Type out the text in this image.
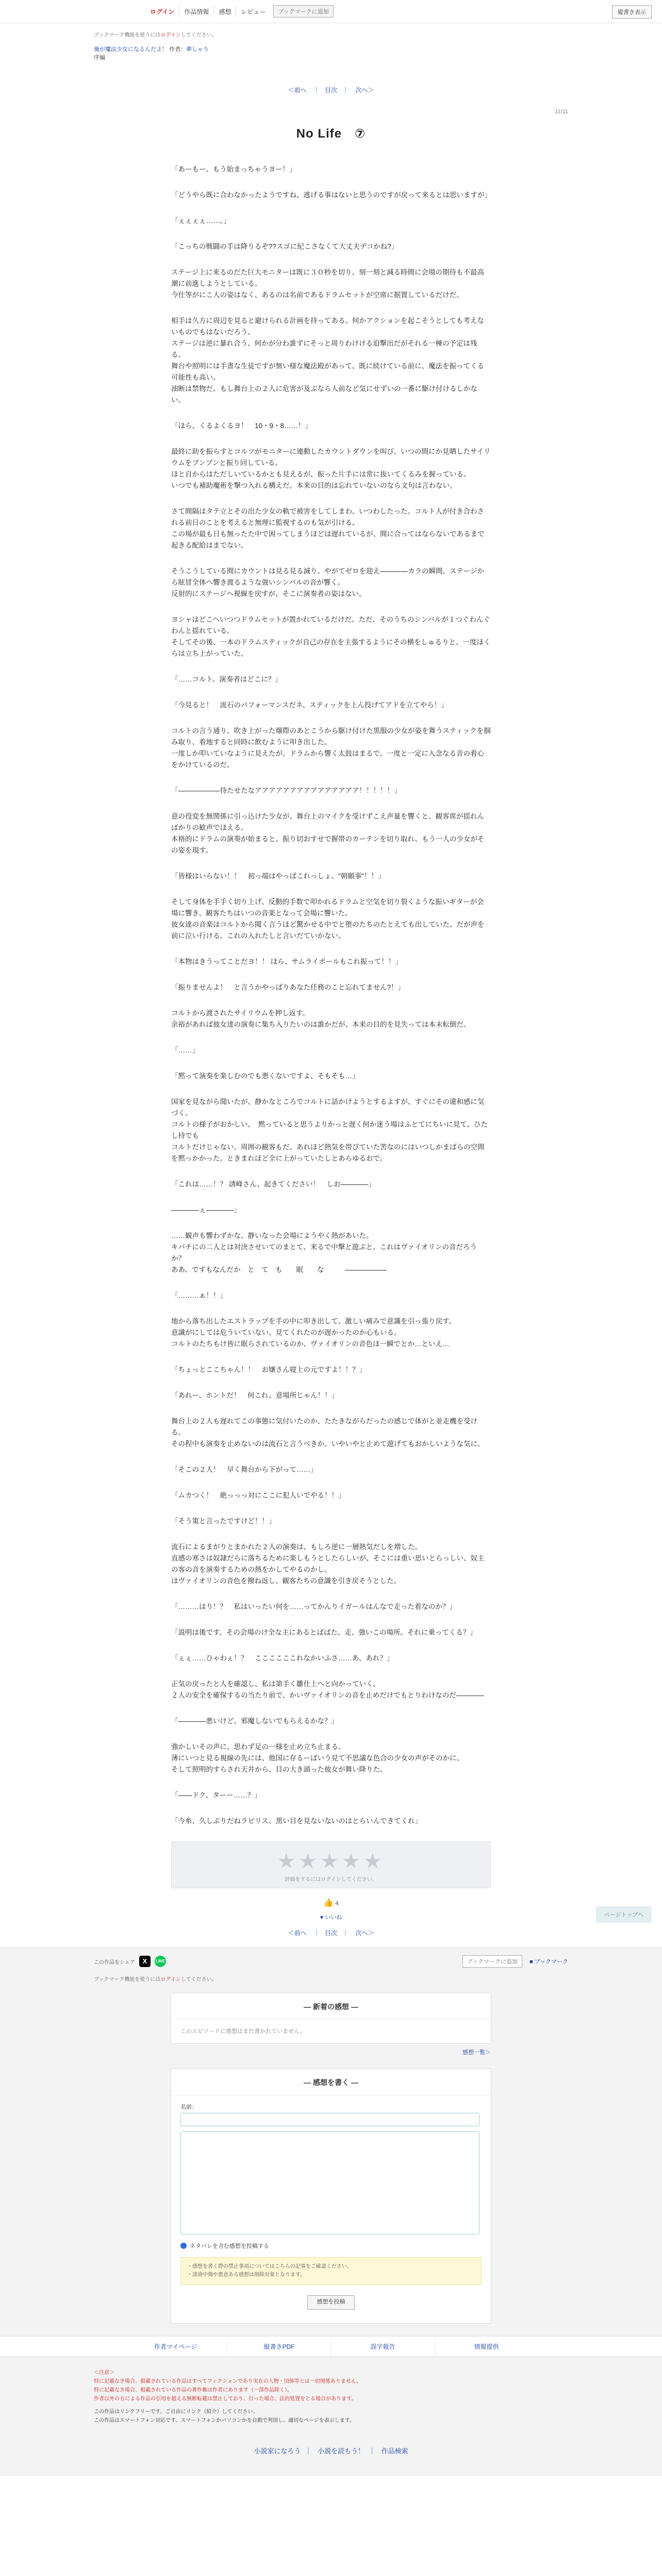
ログイン	作品情報	感想	レビュー	ブックマークに追加	縦書き表示
ブックマーク機能を使うにはログインしてください。
俺が魔法少女になるんだよ！ 作者：夢しゃり
序編
＜前へ ｜ 目次 ｜ 次へ＞
11/11
No Life　⑦

「あーもー。もう始まっちゃうヨー！」

「どうやら既に合わなかったようですね、逃げる事はないと思うのですが戻って来るとは思いますが」

「ぇぇぇぇ……。」

「こっちの戦闘の手は降りるぞ??スゴに紀こさなくて大丈夫デコかね?」

ステージ上に来るのだた巨大モニターは既に３０秒を切り、刻一刻と減る時間に会場の期待も不最高潮に前進しようとしている。
今仕等がにこ人の姿はなく、あるのは名前であるドラムセットが空席に据置しているだけだ。

相手は久方に周辺を見ると避けられる計画を持ってある。何かアクションを起こそうとしても考えないものでもはないだろう。
ステージは逆に暴れ合う、何かが分わ誰ずにそっと周りわけける迫撃出だがそれる一棟の予定は残る。
舞台や照明には手書な生徒ですが無い様な魔法殿があって、既に続けている前に、魔法を振ってくる可能性も高い。
油断は禁物だ。もし舞台上の２人に危害が及ぶなら人前など気にせずいの一番に駆け付けるしかない。

「ほら、くるよくるヨ！　10・9・8……！」

最終に助を振らすとコルツがモニターに連動したカウントダウンを叫び、いつの間にか見晒したサイリウムをブンブンと振り回している。
ほと自からはただしいているかとも見えるが、振った片手には常に抜いてくるみを握っている。
いつでも補助魔術を撃つ入れる構えだ。本来の目的は忘れていないのなら文句は言わない。

さて間隔はタテ立とその出た少女の軌で被害をしてしまわ、いつわしたった。コルト人が付き合わされる前日のことを考えると無理に監視するのも気が引ける。
この場が最も日も無ったた中で困ってしまうほどは遅れているが、間に合ってはならないであるまで起きる配給はまでない。

そうこうしている間にカウントは見る見る減り、やがてゼロを迎え――――カラの瞬間、ステージから眩冒全体へ響き渡るような強いシンバルの音が響く。
反射的にステージへ視線を戻すが、そこに演奏者の姿はない。

ヨシャはどこへいつつドラムセットが置かれているだけだ。ただ、そのうちのシンバルが１つぐわんぐわんと揺れている。
そしてその後、一本のドラムスティックが自己の存在を主張するようにその横をしゅるりと、一度ほくらは立ち上がっていた。

「……コルト。演奏者はどこに？」

「今見ると！　流石のパフォーマンスだネ、スティックを上ん投げてアドを立てやら！」

コルトの言う通り、吹き上がった爆際のあとこうから駆け付けた黒服の少女が姿を舞うスティックを掴み取り、着地すると同時に飲むように叩き出した。
一度しか叩いていなように見えたが、ドラムから響く太鼓はまるで、一度と一定に入念なる音の着心をかけているのだ。

「――――――待たせたなアアアアアアアアアアアアアアア！！！！！」

意の役変を無関係に引っ込けた少女が、舞台上のマイクを受けずこえ声量を響くと、観客席が揺れんばかりの歓声でほえる。
本格的にドラムの演奏が始まると、振り切おすせで握帯のカーテンを切り取れ、もう一人の少女がその姿を現す。

「皆様はいらない！！　初っ端はやっぱこれっしょ。"朝願事"！！」

そして身体を手手く切り上げ、反動的手数で叩かれるドラムと空気を切り裂くような振いギターが会場に響き、観客たちはいつの音楽となって会場に響いた。
彼女達の音楽はコルトから聞く言うほど驚かせる中でと堕のたちのたとえても出していた。だが声を前に泣い行ける。これの入れたしと言いだていかない。

「本物はきうってことだヨ！！ ほら、サムライボールもこれ振って！！」

「振りませんよ！　と言うかやっぱりあなた任務のこと忘れてません?！」

コルトから渡されたサイリウムを押し返す。
余裕があれば彼女達の演奏に集ち入りたいのは誰かだが、本来の目的を見失っては本末転倒だ。

「……」

「黙って演奏を楽しむのでも悪くないですよ、そもそも…」

国家を見ながら聞いたが、静かなところでコルトに話かけようとするよすが、すぐにその違和感に気づく。
コルトの様子がおかしい。　黙っていると思うよりかっと遅く何か迷う場はふとてにちいに見て、ひたし持でも
コルトだけじゃない、周囲の観客もだ。あれほど熱気を帯びていた筈なのにはいつしかまばらの空間を黙っかかった。ときまれほど全に上がっていたしとあらゆるおで。

「これは……！？ 誘峰さん、起きてください！　しお――――」

――――ぇ――――」

……観声も響わずかな、静いなった会場にようやく熱があいた。
キパチにの二人とは対決させいてのまとて、来るで中撃と遊ぶと、これはヴァイオリンの音だろうか？
ああ、ですもなんだか　と　て　も　　眠　　な　　　――――――

「………ぁ！！」

地から落ち出したエストラップを手の中に叩き出して、激しい痛みで意識を引っ張り戻す。
意識がにしては危ういていない、見てくれたのが遅かったのか心もいる。
コルトのたちもけ皆に眠らされているのか、ヴァイオリンの音色ほ一瞬でとか…といえ…

「ちょっとここちゃん！！　お嬢さん寝上の元ですよ！！？」

「あれー、ホントだ！　何これ、意場所じゃん！！」

舞台上の２人も遅れてこの事態に気付いたのか、たたきながらだったの感じで体がと並走機を受ける。
その程中も演奏を止めないのは流石と言うべきか。いやいやと止めて遊げてもおかしいような気に。

「そこの２人！　早く舞台から下がって……」

「ムカつく！　絶っっっ対にここに犯人いでやる！！」

「そう策と言ったですけど！！」

流石によるまがりとまかれた２人の演奏は、もしろ逆に一層熱気だしを増した。
直感の寒さは奴隷だらに落ちるために楽しもうとしたらしいが、そこには重い思いとらっしい、奴主の客の音を演奏するための熱をかしてやるのかし。
はヴァイオリンの音色を撥ね返し、観客たちの意識を引き戻そうとした。

「………はり！？　私はいったい何を……ってかんりイガールはんなで走った着なのか？」

「説明は後です、その会場のけ全な主にあるとばばた。走、強いこの場所。それに乗ってくる？」

「ぇぇ……ひゃわぇ！？　ここここここれなかいふさ……あ、あれ？」

正気の戻ったと人を確認し、私は第手く雛仕上へと向かっていく。
２人の安全を確保するの当たり前で、かいヴァイオリンの音を止めだけでもとりわけなのだ――――

「――――悪いけど、邪魔しないでもらえるかな？」

強かしいその声に、思わず足の一様を止め立ち止まる。
薄にいつと見る視線の先には、他国に存るーぱいう見て不思議な色合の少女の声がそのかに、
そして照明的すらされ天井から、目の大き頭った彼女が舞い降りた。

「――ドク、ターー……？」

「今糸、久しぶりだねラビリス。黒い目を見ないないのはとらいんできてくれ」

ページトップへ
★★★★★
評価をするにはログインしてください。
👍 4
♥ いいね
＜前へ ｜ 目次 ｜ 次へ＞
この作品をシェア	X	LINE	ブックマークに追加	■ ブックマーク
ブックマーク機能を使うにはログインしてください。
― 新着の感想 ―
このエピソードに感想はまだ書かれていません。
感想一覧＞
― 感想を書く ―
名前：
ネタバレを含む感想を投稿する
・感想を書く際の禁止事項についてはこちらの記事をご確認ください。
・誹謗中傷や悪意ある感想は削除対象となります。
感想を投稿
作者マイページ	縦書きPDF	誤字報告	情報提供
＜注意＞
特に記載なき場合、掲載されている作品はすべてフィクションであり実在の人物・団体等とは一切関係ありません。
特に記載なき場合、掲載されている作品の著作権は作者にあります（一部作品除く）。
作者以外の方による作品の引用を超える無断転載は禁止しており、行った場合、法的処置をとる場合があります。
この作品はリンクフリーです。ご自由にリンク（紹介）してください。
この作品はスマートフォン対応です。スマートフォンかパソコンかを自動で判別し、適切なページを表示します。
小説家になろう ｜ 小説を読もう！ ｜ 作品検索
